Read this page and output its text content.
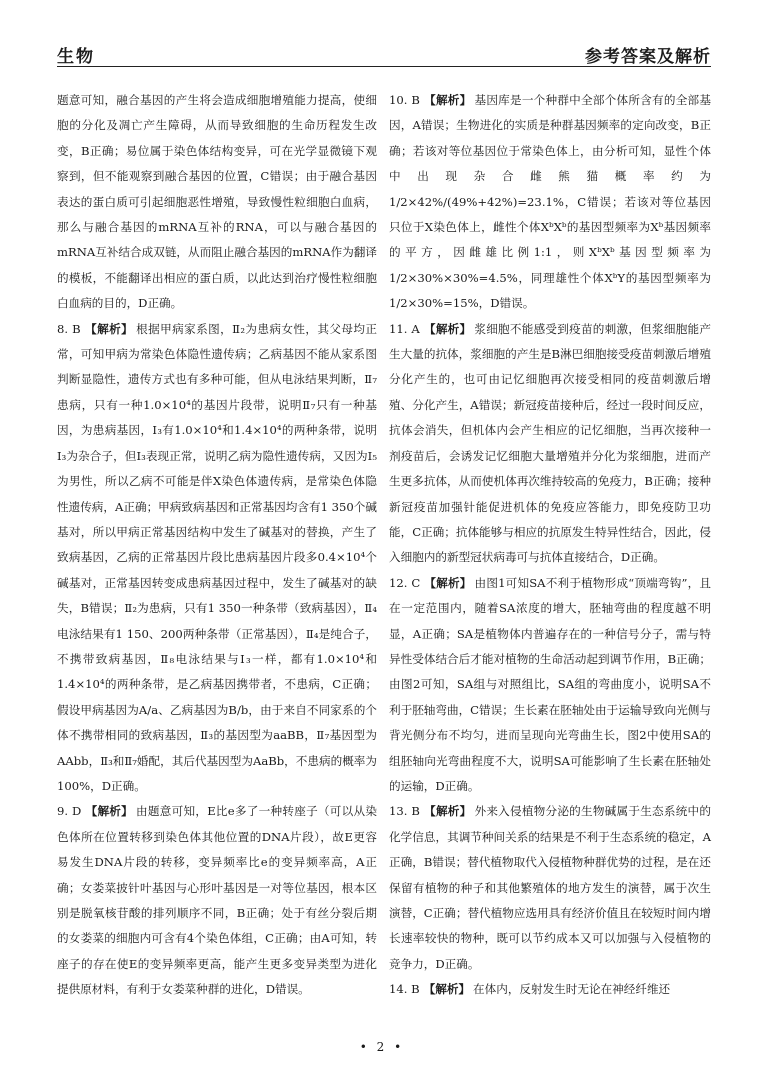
生物	参考答案及解析

题意可知，融合基因的产生将会造成细胞增殖能力提高，使细胞的分化及凋亡产生障碍，从而导致细胞的生命历程发生改变，B正确；易位属于染色体结构变异，可在光学显微镜下观察到，但不能观察到融合基因的位置，C错误；由于融合基因表达的蛋白质可引起细胞恶性增殖，导致慢性粒细胞白血病，那么与融合基因的mRNA互补的RNA，可以与融合基因的mRNA互补结合成双链，从而阻止融合基因的mRNA作为翻译的模板，不能翻译出相应的蛋白质，以此达到治疗慢性粒细胞白血病的目的，D正确。

8. B 【解析】 根据甲病家系图，Ⅱ₂为患病女性，其父母均正常，可知甲病为常染色体隐性遗传病；乙病基因不能从家系图判断显隐性，遗传方式也有多种可能，但从电泳结果判断，Ⅱ₇患病，只有一种1.0×10⁴的基因片段带，说明Ⅱ₇只有一种基因，为患病基因，Ⅰ₃有1.0×10⁴和1.4×10⁴的两种条带，说明Ⅰ₃为杂合子，但Ⅰ₃表现正常，说明乙病为隐性遗传病，又因为Ⅰ₅为男性，所以乙病不可能是伴X染色体遗传病，是常染色体隐性遗传病，A正确；甲病致病基因和正常基因均含有1 350个碱基对，所以甲病正常基因结构中发生了碱基对的替换，产生了致病基因，乙病的正常基因片段比患病基因片段多0.4×10⁴个碱基对，正常基因转变成患病基因过程中，发生了碱基对的缺失，B错误；Ⅱ₂为患病，只有1 350一种条带（致病基因），Ⅱ₄电泳结果有1 150、200两种条带（正常基因），Ⅱ₄是纯合子，不携带致病基因，Ⅱ₈电泳结果与Ⅰ₃一样，都有1.0×10⁴和1.4×10⁴的两种条带，是乙病基因携带者，不患病，C正确；假设甲病基因为A/a、乙病基因为B/b，由于来自不同家系的个体不携带相同的致病基因，Ⅱ₃的基因型为aaBB，Ⅱ₇基因型为AAbb，Ⅱ₃和Ⅱ₇婚配，其后代基因型为AaBb，不患病的概率为100%，D正确。

9. D 【解析】 由题意可知，E比e多了一种转座子（可以从染色体所在位置转移到染色体其他位置的DNA片段），故E更容易发生DNA片段的转移，变异频率比e的变异频率高，A正确；女娄菜披针叶基因与心形叶基因是一对等位基因，根本区别是脱氧核苷酸的排列顺序不同，B正确；处于有丝分裂后期的女娄菜的细胞内可含有4个染色体组，C正确；由A可知，转座子的存在使E的变异频率更高，能产生更多变异类型为进化提供原材料，有利于女娄菜种群的进化，D错误。

10. B 【解析】 基因库是一个种群中全部个体所含有的全部基因，A错误；生物进化的实质是种群基因频率的定向改变，B正确；若该对等位基因位于常染色体上，由分析可知，显性个体中出现杂合雌熊猫概率约为1/2×42%/(49%+42%)=23.1%，C错误；若该对等位基因只位于X染色体上，雌性个体XᵇXᵇ的基因型频率为Xᵇ基因频率的平方，因雌雄比例1:1，则XᵇXᵇ基因型频率为1/2×30%×30%=4.5%，同理雄性个体XᵇY的基因型频率为1/2×30%=15%，D错误。

11. A 【解析】 浆细胞不能感受到疫苗的刺激，但浆细胞能产生大量的抗体，浆细胞的产生是B淋巴细胞接受疫苗刺激后增殖分化产生的，也可由记忆细胞再次接受相同的疫苗刺激后增殖、分化产生，A错误；新冠疫苗接种后，经过一段时间反应，抗体会消失，但机体内会产生相应的记忆细胞，当再次接种一剂疫苗后，会诱发记忆细胞大量增殖并分化为浆细胞，进而产生更多抗体，从而使机体再次维持较高的免疫力，B正确；接种新冠疫苗加强针能促进机体的免疫应答能力，即免疫防卫功能，C正确；抗体能够与相应的抗原发生特异性结合，因此，侵入细胞内的新型冠状病毒可与抗体直接结合，D正确。

12. C 【解析】 由图1可知SA不利于植物形成“顶端弯钩”，且在一定范围内，随着SA浓度的增大，胚轴弯曲的程度越不明显，A正确；SA是植物体内普遍存在的一种信号分子，需与特异性受体结合后才能对植物的生命活动起到调节作用，B正确；由图2可知，SA组与对照组比，SA组的弯曲度小，说明SA不利于胚轴弯曲，C错误；生长素在胚轴处由于运输导致向光侧与背光侧分布不均匀，进而呈现向光弯曲生长，图2中使用SA的组胚轴向光弯曲程度不大，说明SA可能影响了生长素在胚轴处的运输，D正确。

13. B 【解析】 外来入侵植物分泌的生物碱属于生态系统中的化学信息，其调节种间关系的结果是不利于生态系统的稳定，A正确，B错误；替代植物取代入侵植物种群优势的过程，是在还保留有植物的种子和其他繁殖体的地方发生的演替，属于次生演替，C正确；替代植物应选用具有经济价值且在较短时间内增长速率较快的物种，既可以节约成本又可以加强与入侵植物的竞争力，D正确。

14. B 【解析】 在体内，反射发生时无论在神经纤维还

• 2 •
